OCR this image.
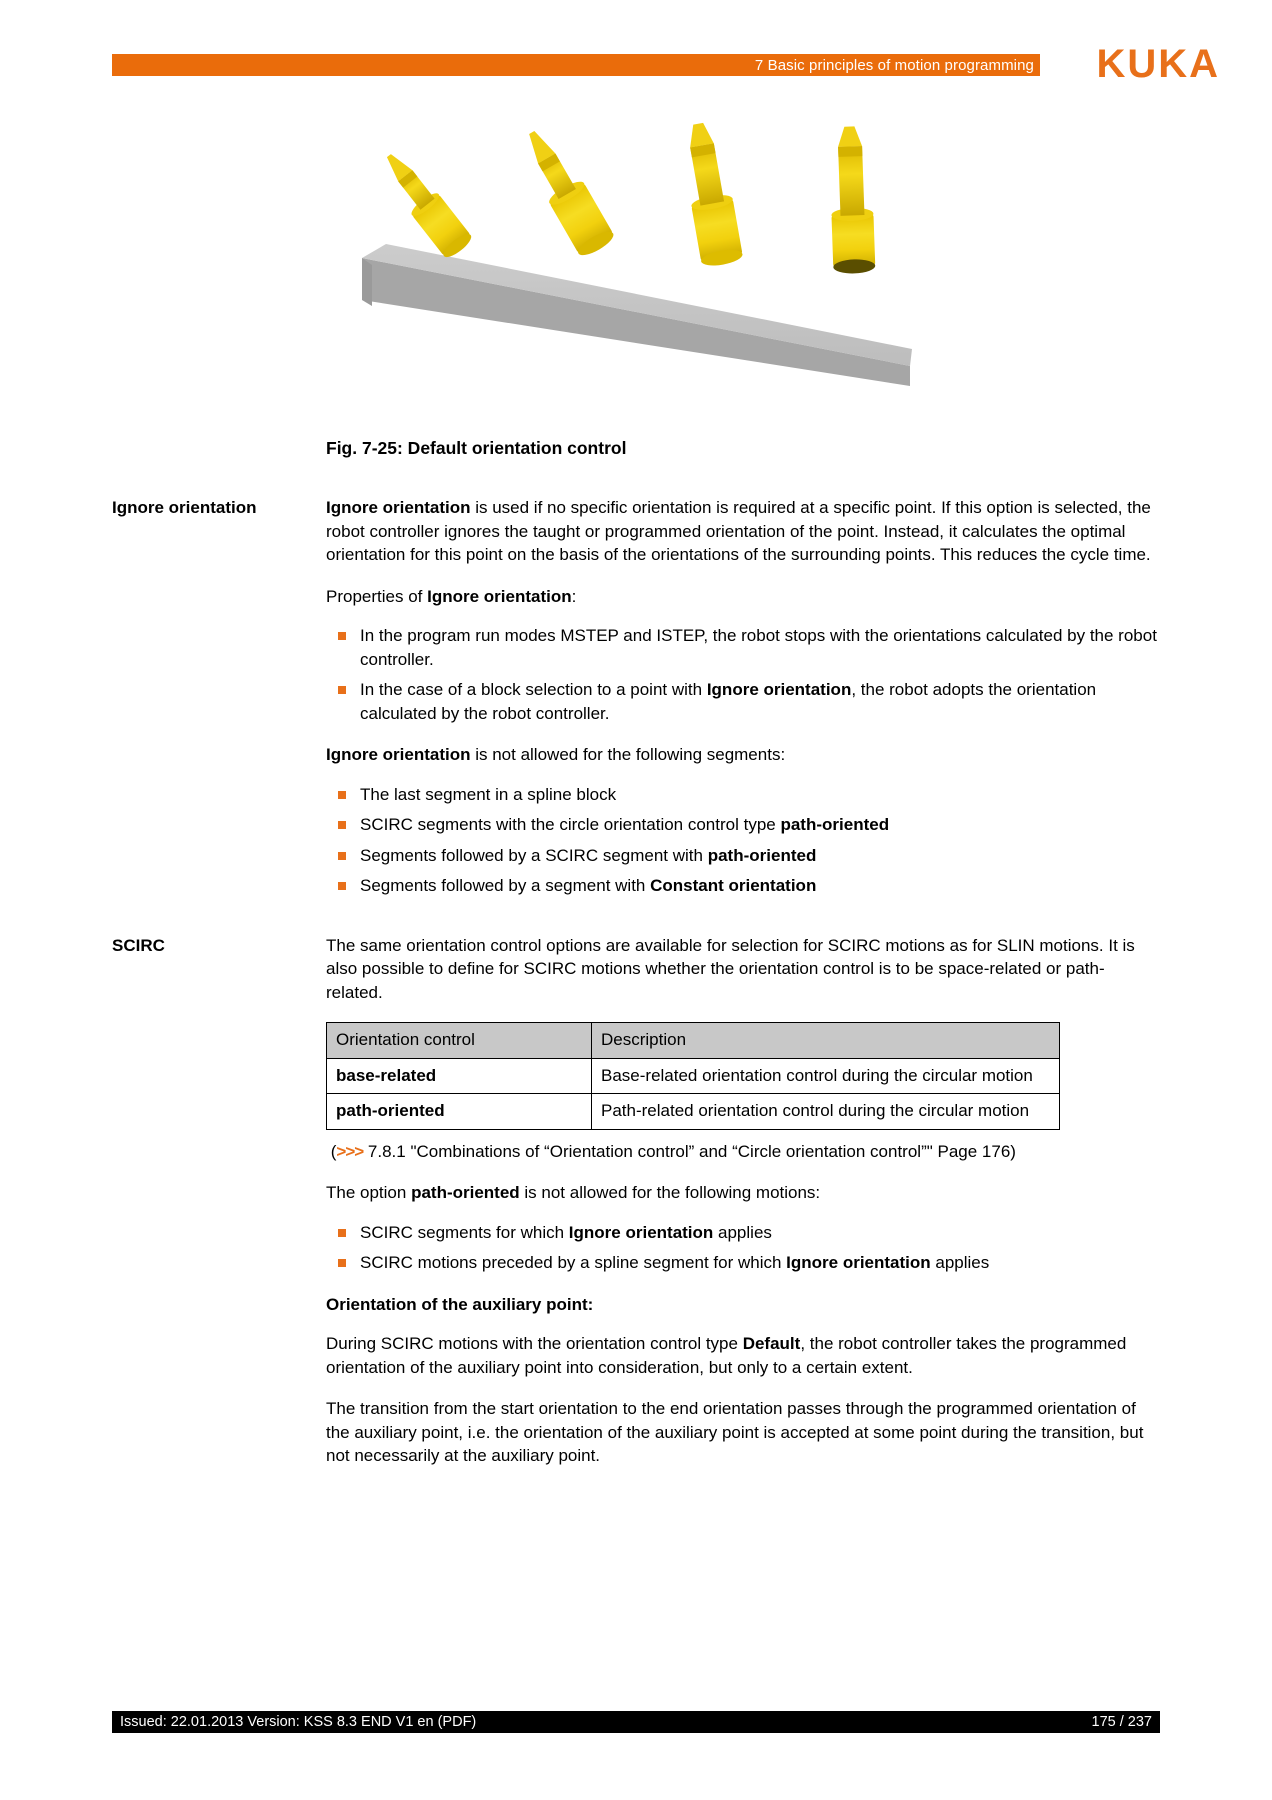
7 Basic principles of motion programming KUKA
Fig. 7-25: Default orientation control
Ignore orientation	Ignore orientation is used if no specific orientation is required at a specific point. If this option is selected, the robot controller ignores the taught or programmed orientation of the point. Instead, it calculates the optimal orientation for this point on the basis of the orientations of the surrounding points. This reduces the cycle time.

Properties of Ignore orientation:

In the program run modes MSTEP and ISTEP, the robot stops with the orientations calculated by the robot controller.
In the case of a block selection to a point with Ignore orientation, the robot adopts the orientation calculated by the robot controller.

Ignore orientation is not allowed for the following segments:

The last segment in a spline block
SCIRC segments with the circle orientation control type path-oriented
Segments followed by a SCIRC segment with path-oriented
Segments followed by a segment with Constant orientation
SCIRC	The same orientation control options are available for selection for SCIRC motions as for SLIN motions. It is also possible to define for SCIRC motions whether the orientation control is to be space-related or path-related.

Orientation control	Description
base-related	Base-related orientation control during the circular motion
path-oriented	Path-related orientation control during the circular motion

(>>> 7.8.1 "Combinations of “Orientation control” and “Circle orientation control”" Page 176)

The option path-oriented is not allowed for the following motions:

SCIRC segments for which Ignore orientation applies
SCIRC motions preceded by a spline segment for which Ignore orientation applies

Orientation of the auxiliary point:

During SCIRC motions with the orientation control type Default, the robot controller takes the programmed orientation of the auxiliary point into consideration, but only to a certain extent.

The transition from the start orientation to the end orientation passes through the programmed orientation of the auxiliary point, i.e. the orientation of the auxiliary point is accepted at some point during the transition, but not necessarily at the auxiliary point.

Issued: 22.01.2013 Version: KSS 8.3 END V1 en (PDF)	175 / 237
